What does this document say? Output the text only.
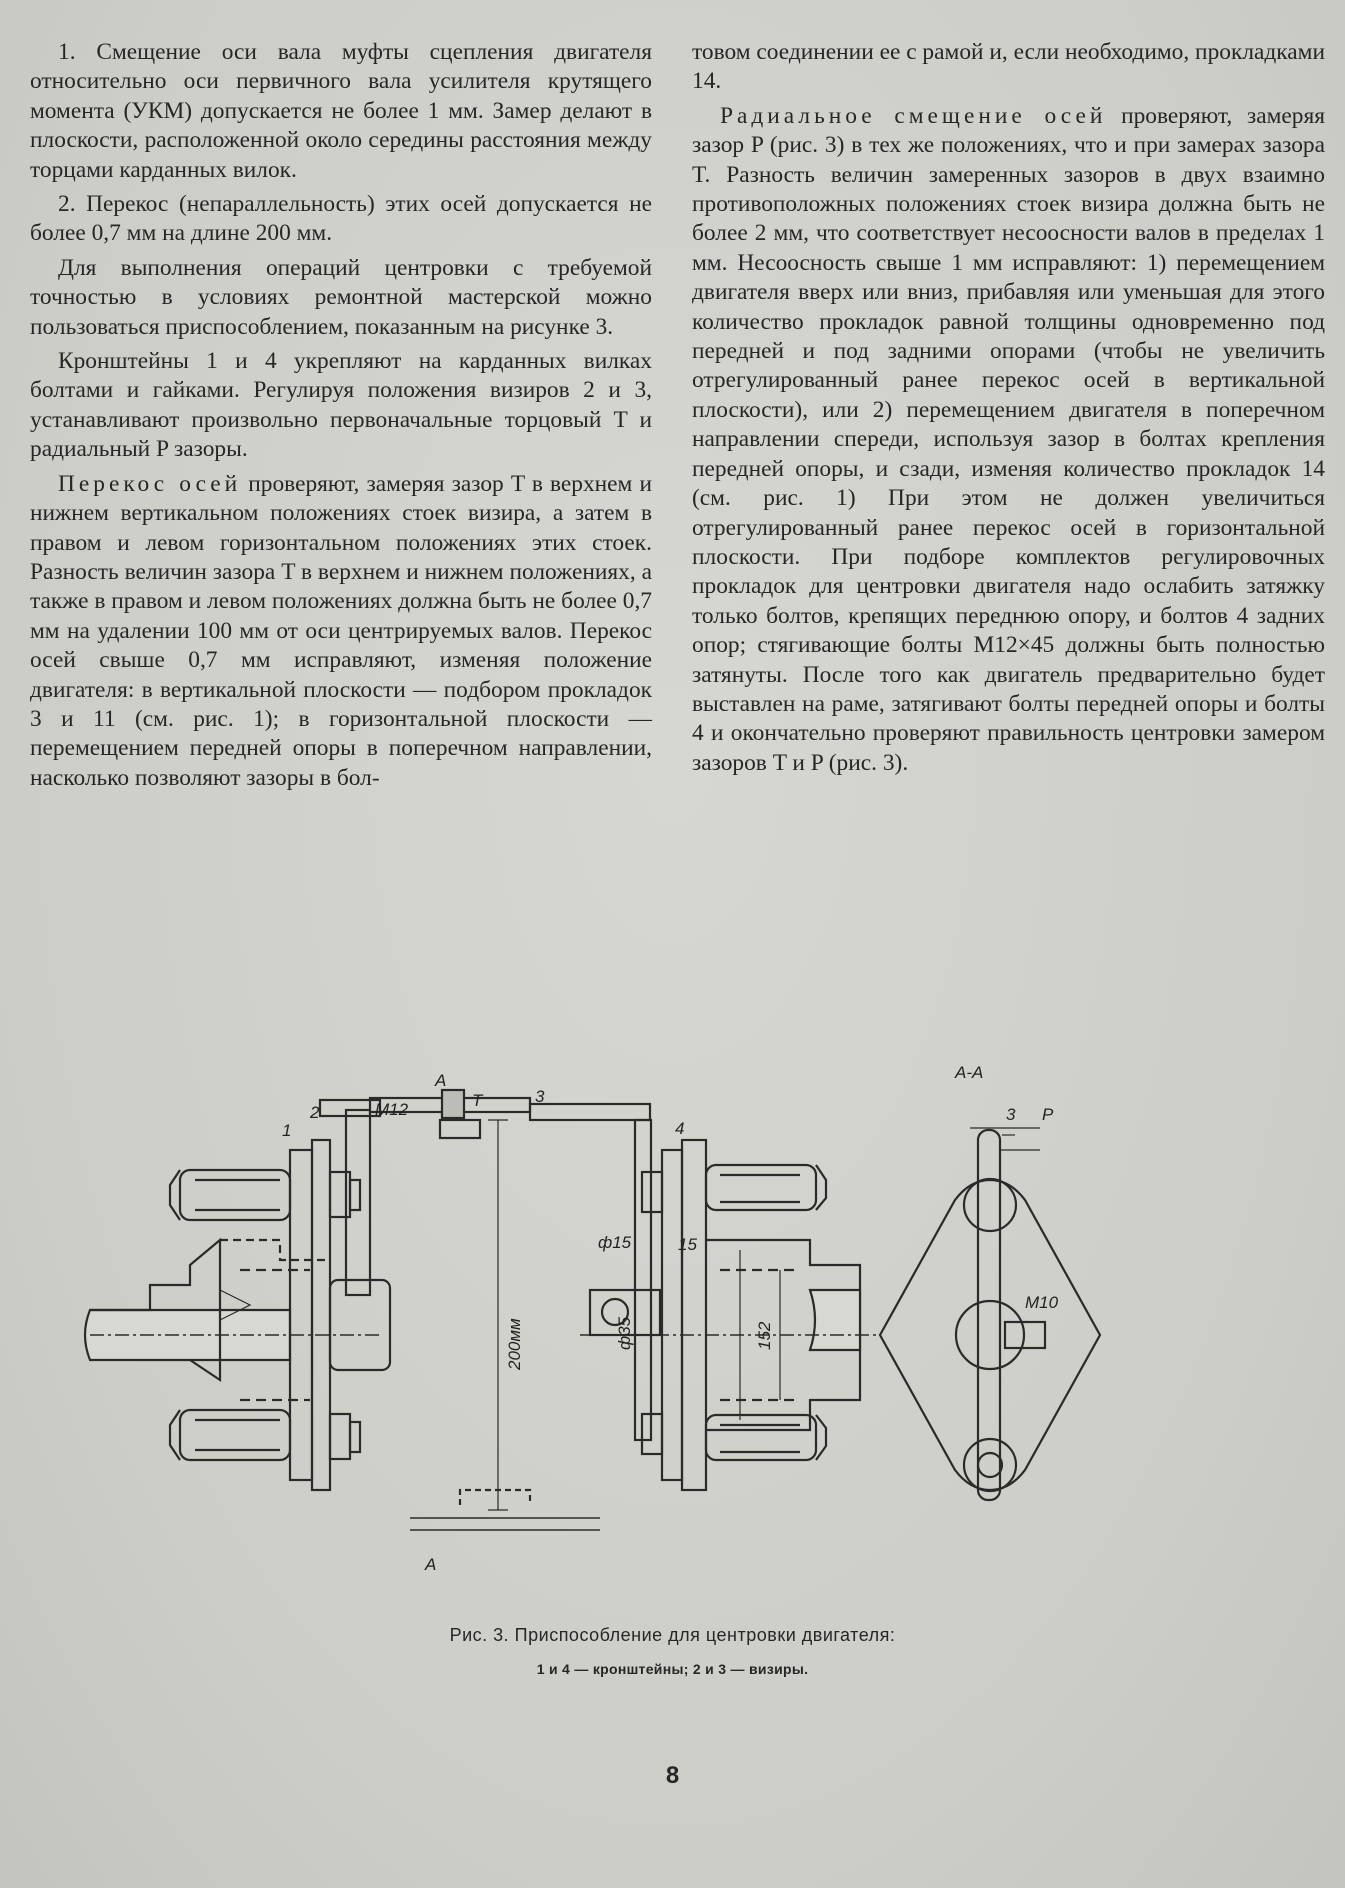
1. Смещение оси вала муфты сцепления двигателя относительно оси первичного вала усилителя крутящего момента (УКМ) допускается не более 1 мм. Замер делают в плоскости, расположенной около середины расстояния между торцами карданных вилок.

2. Перекос (непараллельность) этих осей допускается не более 0,7 мм на длине 200 мм.

Для выполнения операций центровки с требуемой точностью в условиях ремонтной мастерской можно пользоваться приспособлением, показанным на рисунке 3.

Кронштейны 1 и 4 укрепляют на карданных вилках болтами и гайками. Регулируя положения визиров 2 и 3, устанавливают произвольно первоначальные торцовый T и радиальный P зазоры.

Перекос осей проверяют, замеряя зазор T в верхнем и нижнем вертикальном положениях стоек визира, а затем в правом и левом горизонтальном положениях этих стоек. Разность величин зазора T в верхнем и нижнем положениях, а также в правом и левом положениях должна быть не более 0,7 мм на удалении 100 мм от оси центрируемых валов. Перекос осей свыше 0,7 мм исправляют, изменяя положение двигателя: в вертикальной плоскости — подбором прокладок 3 и 11 (см. рис. 1); в горизонтальной плоскости — перемещением передней опоры в поперечном направлении, насколько позволяют зазоры в бол-

товом соединении ее с рамой и, если необходимо, прокладками 14.

Радиальное смещение осей проверяют, замеряя зазор P (рис. 3) в тех же положениях, что и при замерах зазора T. Разность величин замеренных зазоров в двух взаимно противоположных положениях стоек визира должна быть не более 2 мм, что соответствует несоосности валов в пределах 1 мм. Несоосность свыше 1 мм исправляют: 1) перемещением двигателя вверх или вниз, прибавляя или уменьшая для этого количество прокладок равной толщины одновременно под передней и под задними опорами (чтобы не увеличить отрегулированный ранее перекос осей в вертикальной плоскости), или 2) перемещением двигателя в поперечном направлении спереди, используя зазор в болтах крепления передней опоры, и сзади, изменяя количество прокладок 14 (см. рис. 1) При этом не должен увеличиться отрегулированный ранее перекос осей в горизонтальной плоскости. При подборе комплектов регулировочных прокладок для центровки двигателя надо ослабить затяжку только болтов, крепящих переднюю опору, и болтов 4 задних опор; стягивающие болты M12×45 должны быть полностью затянуты. После того как двигатель предварительно будет выставлен на раме, затягивают болты передней опоры и болты 4 и окончательно проверяют правильность центровки замером зазоров T и P (рис. 3).

1
2	M12
3
4
A
T
A
200мм
ф15	15
ф35	152
A-A
3 P
M10
Рис. 3. Приспособление для центровки двигателя:
1 и 4 — кронштейны; 2 и 3 — визиры.
8
